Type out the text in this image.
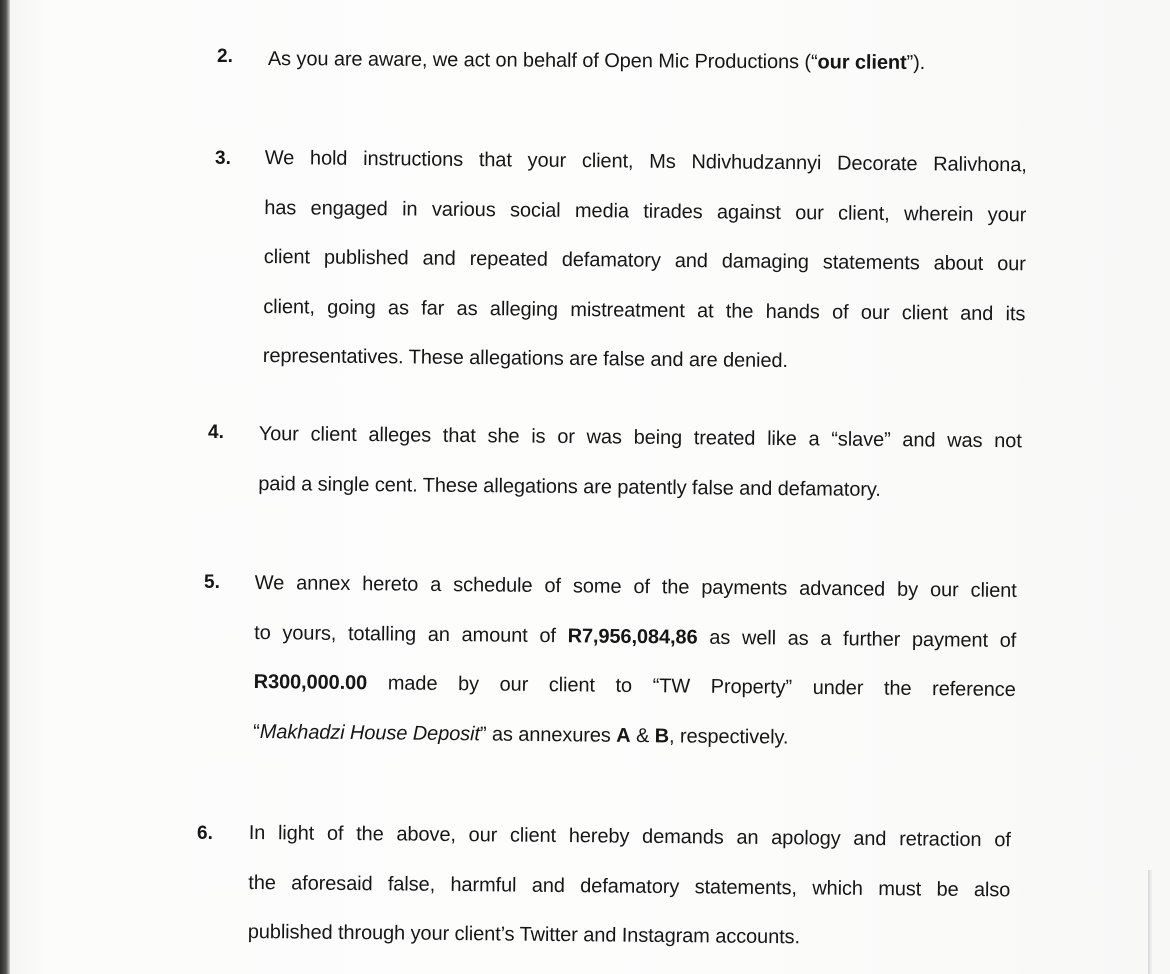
2. As you are aware, we act on behalf of Open Mic Productions (“our client”).
3. We hold instructions that your client, Ms Ndivhudzannyi Decorate Ralivhona,
has engaged in various social media tirades against our client, wherein your
client published and repeated defamatory and damaging statements about our
client, going as far as alleging mistreatment at the hands of our client and its
representatives. These allegations are false and are denied.
4. Your client alleges that she is or was being treated like a “slave” and was not
paid a single cent. These allegations are patently false and defamatory.
5. We annex hereto a schedule of some of the payments advanced by our client
to yours, totalling an amount of R7,956,084,86 as well as a further payment of
R300,000.00 made by our client to “TW Property” under the reference
“Makhadzi House Deposit” as annexures A & B, respectively.
6. In light of the above, our client hereby demands an apology and retraction of
the aforesaid false, harmful and defamatory statements, which must be also
published through your client’s Twitter and Instagram accounts.
